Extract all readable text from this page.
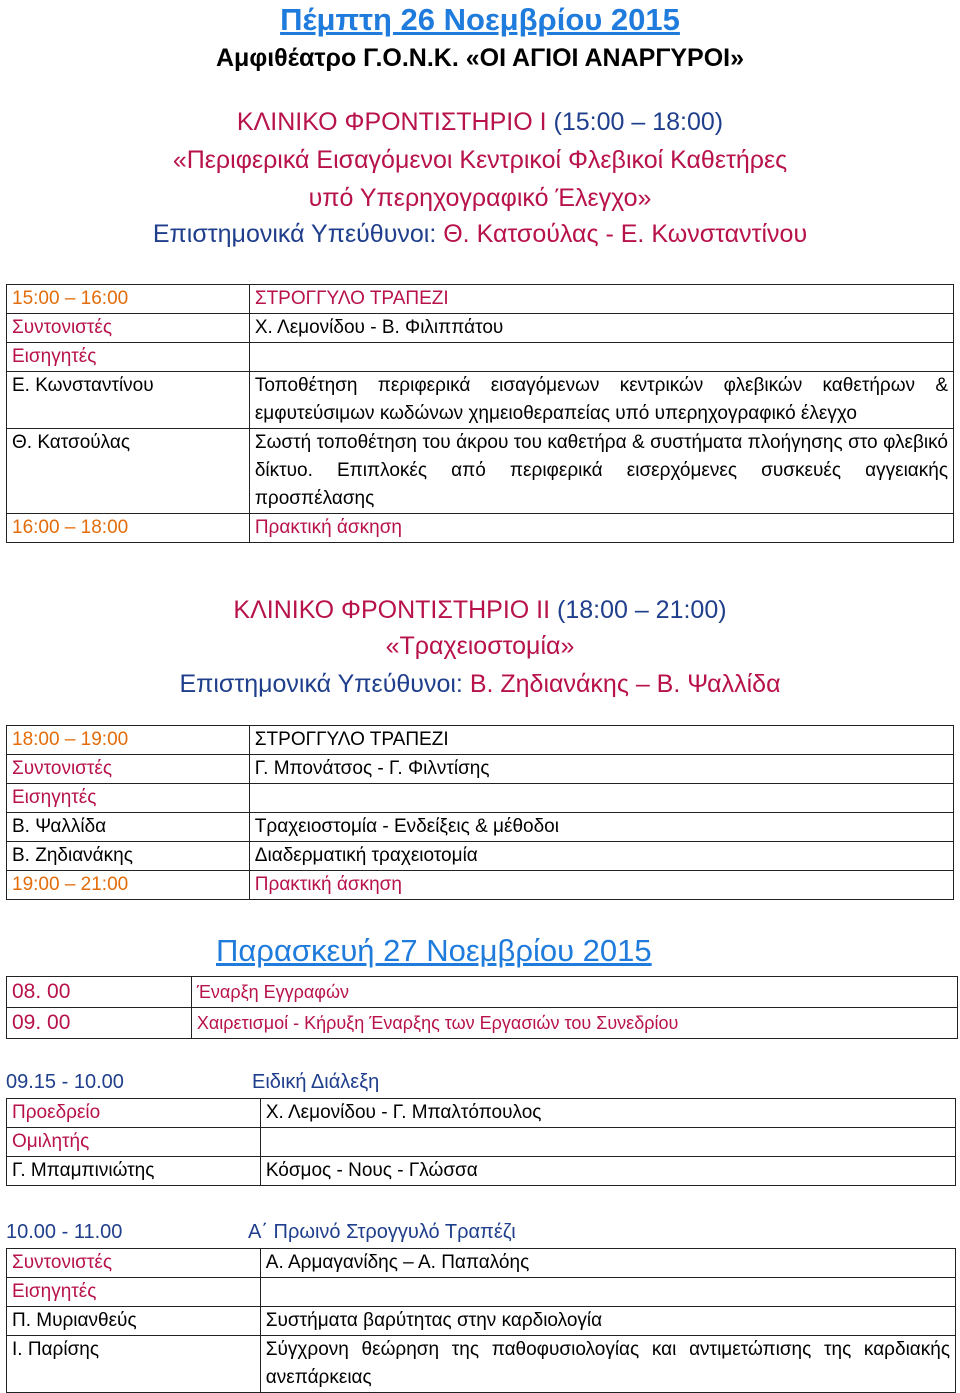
Πέμπτη 26 Νοεμβρίου 2015
Αμφιθέατρο Γ.Ο.Ν.Κ. «ΟΙ ΑΓΙΟΙ ΑΝΑΡΓΥΡΟΙ»
ΚΛΙΝΙΚΟ ΦΡΟΝΤΙΣΤΗΡΙΟ Ι (15:00 – 18:00)
«Περιφερικά Εισαγόμενοι Κεντρικοί Φλεβικοί Καθετήρες
υπό Υπερηχογραφικό Έλεγχο»
Επιστημονικά Υπεύθυνοι: Θ. Κατσούλας - Ε. Κωνσταντίνου
15:00 – 16:00	ΣΤΡΟΓΓΥΛΟ ΤΡΑΠΕΖΙ
Συντονιστές	Χ. Λεμονίδου - Β. Φιλιππάτου
Εισηγητές	
Ε. Κωνσταντίνου	Τοποθέτηση περιφερικά εισαγόμενων κεντρικών φλεβικών καθετήρων & εμφυτεύσιμων κωδώνων χημειοθεραπείας υπό υπερηχογραφικό έλεγχο
Θ. Κατσούλας	Σωστή τοποθέτηση του άκρου του καθετήρα & συστήματα πλοήγησης στο φλεβικό δίκτυο. Επιπλοκές από περιφερικά εισερχόμενες συσκευές αγγειακής προσπέλασης
16:00 – 18:00	Πρακτική άσκηση
ΚΛΙΝΙΚΟ ΦΡΟΝΤΙΣΤΗΡΙΟ ΙΙ (18:00 – 21:00)
«Τραχειοστομία»
Επιστημονικά Υπεύθυνοι: Β. Ζηδιανάκης – Β. Ψαλλίδα
18:00 – 19:00	ΣΤΡΟΓΓΥΛΟ ΤΡΑΠΕΖΙ
Συντονιστές	Γ. Μπονάτσος - Γ. Φιλντίσης
Εισηγητές	
Β. Ψαλλίδα	Τραχειοστομία - Ενδείξεις & μέθοδοι
Β. Ζηδιανάκης	Διαδερματική τραχειοτομία
19:00 – 21:00	Πρακτική άσκηση
Παρασκευή 27 Νοεμβρίου 2015
08. 00	Έναρξη Εγγραφών
09. 00	Χαιρετισμοί - Κήρυξη Έναρξης των Εργασιών του Συνεδρίου
09.15 - 10.00	Ειδική Διάλεξη
Προεδρείο	Χ. Λεμονίδου - Γ. Μπαλτόπουλος
Ομιλητής	
Γ. Μπαμπινιώτης	Κόσμος - Νους - Γλώσσα
10.00 - 11.00	Α΄ Πρωινό Στρογγυλό Τραπέζι
Συντονιστές	Α. Αρμαγανίδης – Α. Παπαλόης
Εισηγητές	
Π. Μυριανθεύς	Συστήματα βαρύτητας στην καρδιολογία
Ι. Παρίσης	Σύγχρονη θεώρηση της παθοφυσιολογίας και αντιμετώπισης της καρδιακής ανεπάρκειας
